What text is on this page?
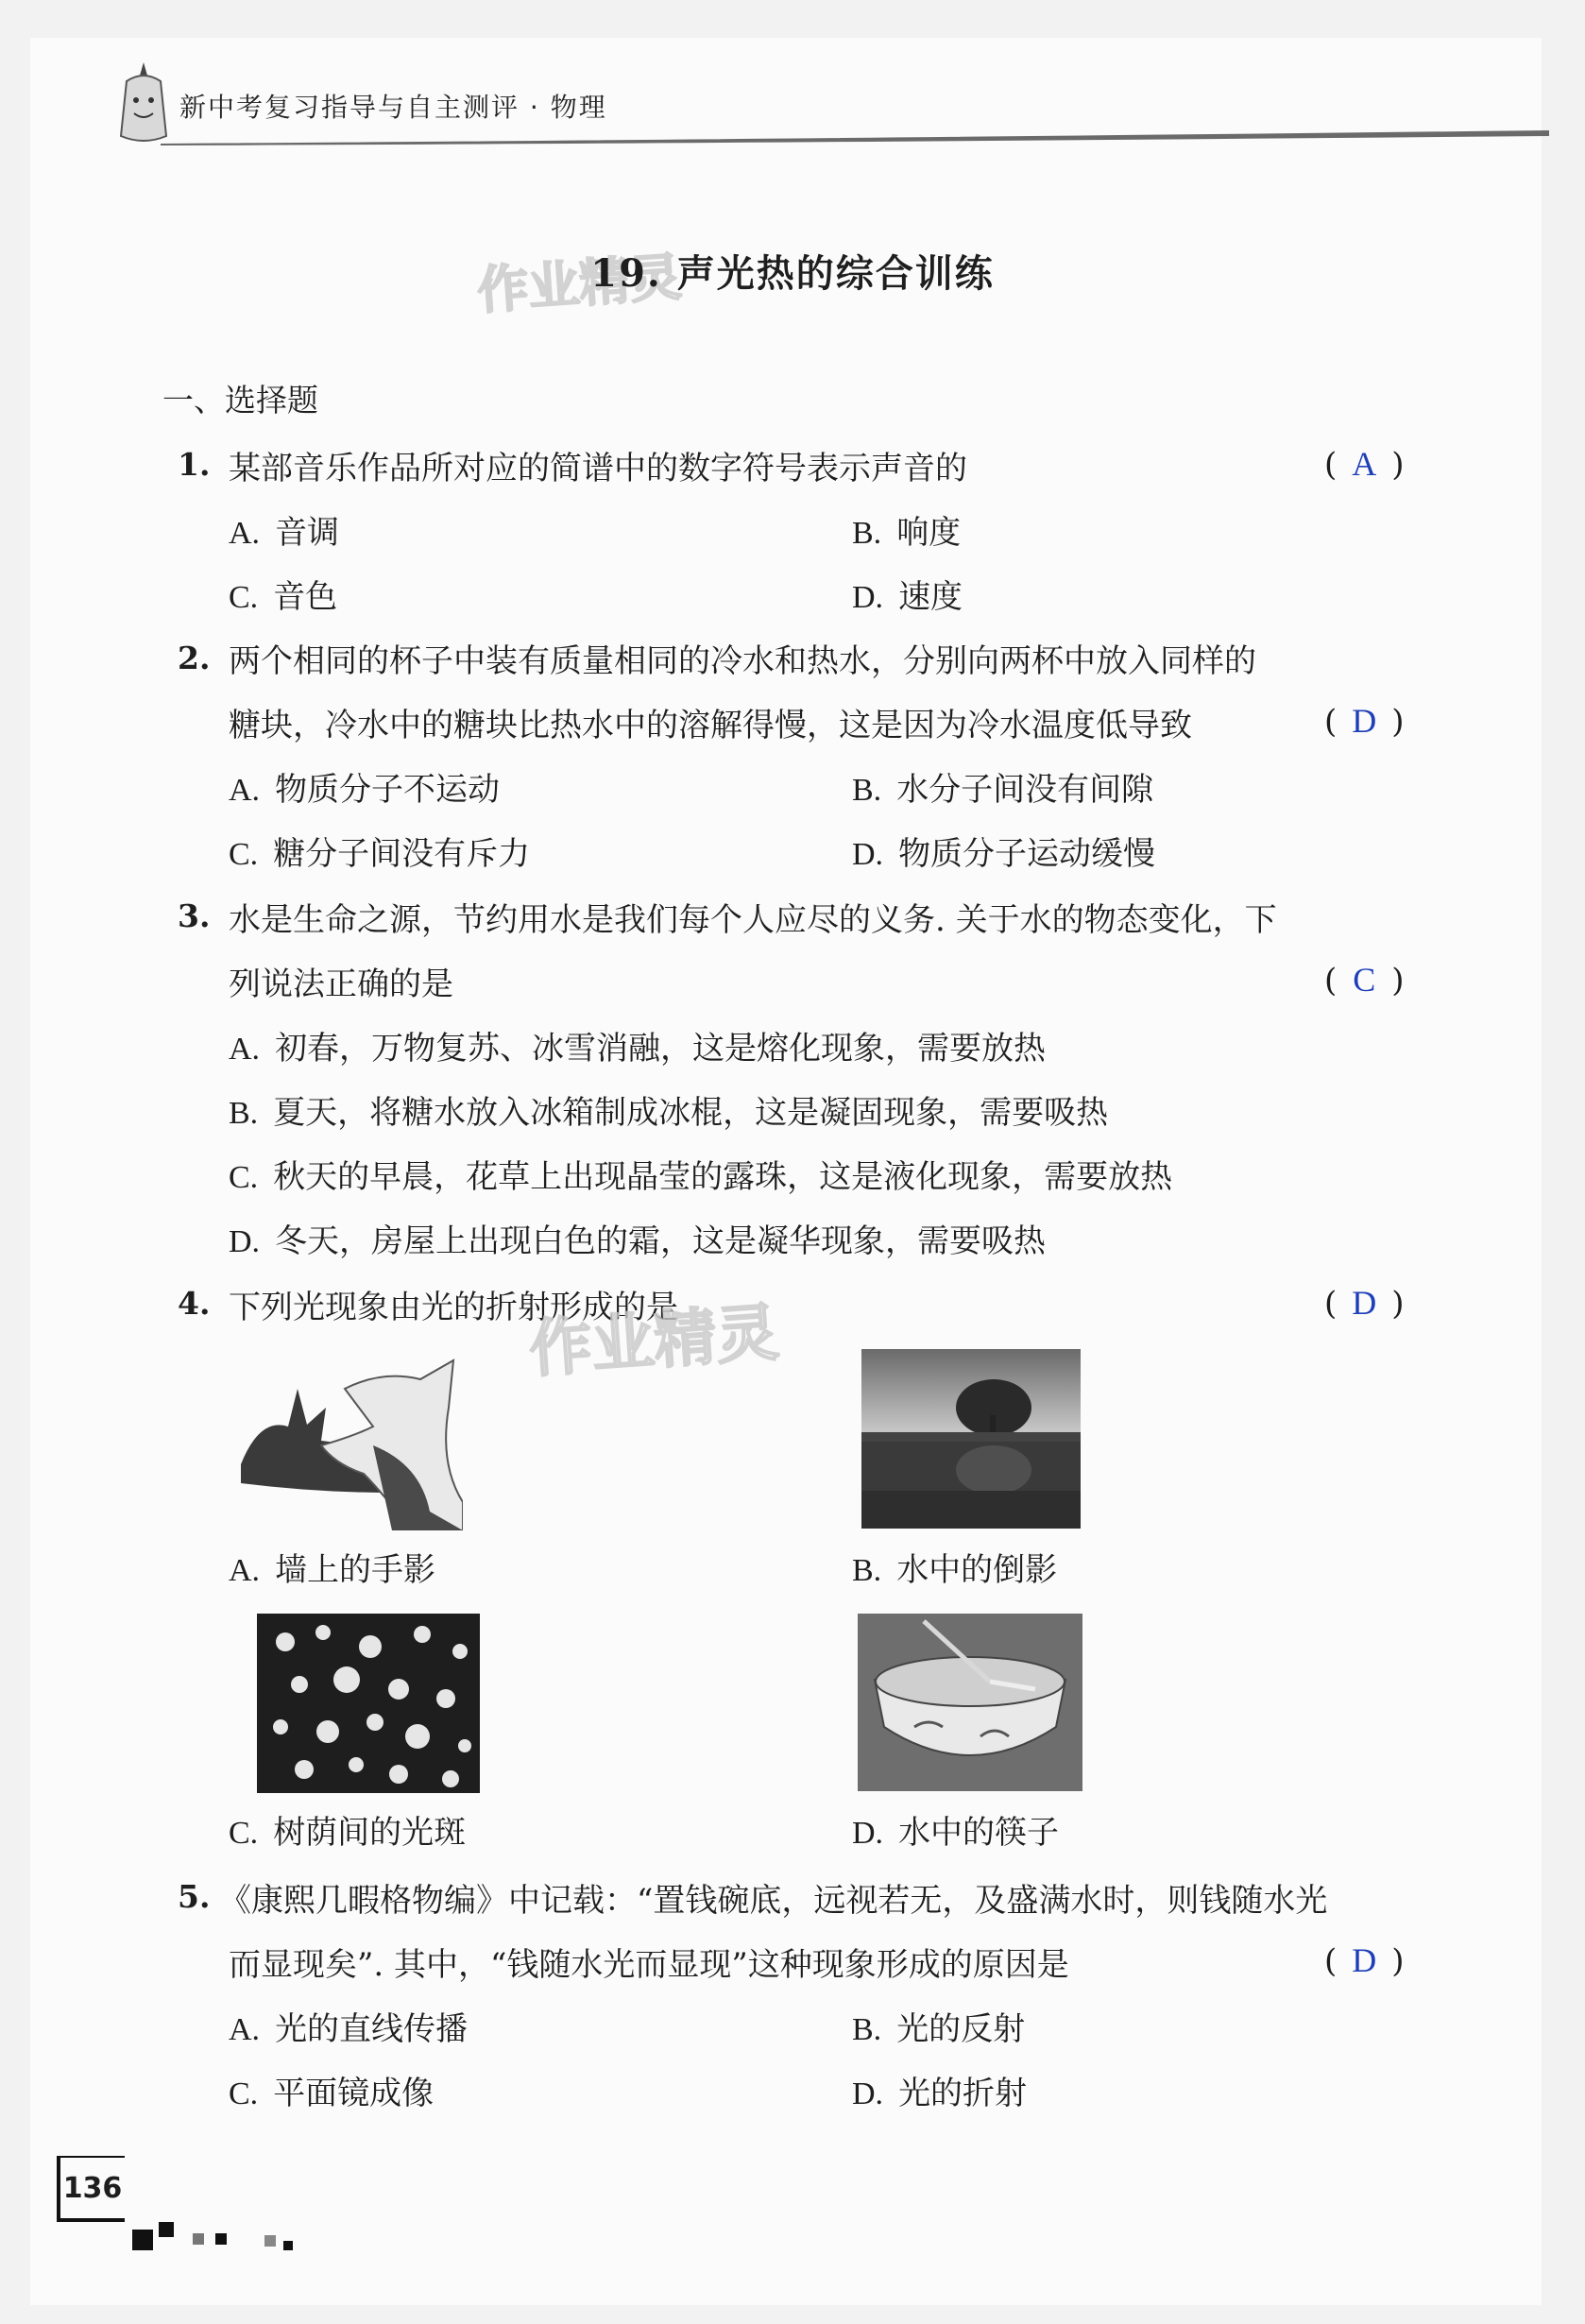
新中考复习指导与自主测评 · 物理
作业精灵
19. 声光热的综合训练
一、选择题
1. 某部音乐作品所对应的简谱中的数字符号表示声音的	( A )
A. 音调	B. 响度
C. 音色	D. 速度
2. 两个相同的杯子中装有质量相同的冷水和热水，分别向两杯中放入同样的
糖块，冷水中的糖块比热水中的溶解得慢，这是因为冷水温度低导致	( D )
A. 物质分子不运动	B. 水分子间没有间隙
C. 糖分子间没有斥力	D. 物质分子运动缓慢
3. 水是生命之源，节约用水是我们每个人应尽的义务. 关于水的物态变化，下
列说法正确的是	( C )
A. 初春，万物复苏、冰雪消融，这是熔化现象，需要放热
B. 夏天，将糖水放入冰箱制成冰棍，这是凝固现象，需要吸热
C. 秋天的早晨，花草上出现晶莹的露珠，这是液化现象，需要放热
D. 冬天，房屋上出现白色的霜，这是凝华现象，需要吸热
4. 下列光现象由光的折射形成的是	( D )
作业精灵
A. 墙上的手影	B. 水中的倒影
C. 树荫间的光斑	D. 水中的筷子
5. 《康熙几暇格物编》中记载：“置钱碗底，远视若无，及盛满水时，则钱随水光
而显现矣”. 其中，“钱随水光而显现”这种现象形成的原因是	( D )
A. 光的直线传播	B. 光的反射
C. 平面镜成像	D. 光的折射
136
